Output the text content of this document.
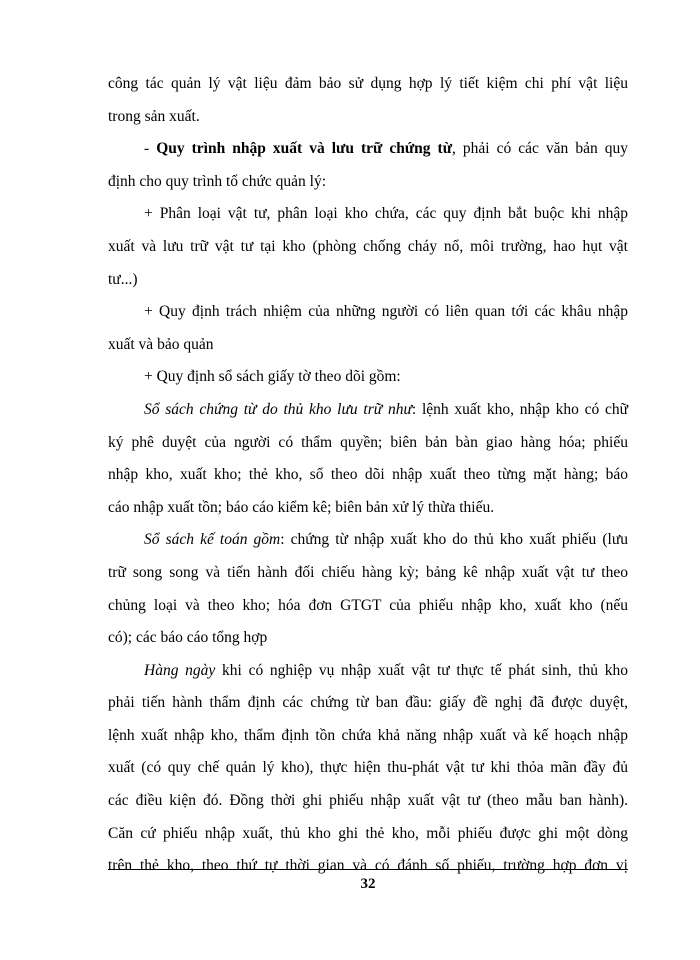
công tác quản lý vật liệu đảm bảo sử dụng hợp lý tiết kiệm chi phí vật liệu
trong sản xuất.
- Quy trình nhập xuất và lưu trữ chứng từ, phải có các văn bản quy
định cho quy trình tổ chức quản lý:
+ Phân loại vật tư, phân loại kho chứa, các quy định bắt buộc khi nhập
xuất và lưu trữ vật tư tại kho (phòng chống cháy nổ, môi trường, hao hụt vật
tư...)
+ Quy định trách nhiệm của những người có liên quan tới các khâu nhập
xuất và bảo quản
+ Quy định sổ sách giấy tờ theo dõi gồm:
Sổ sách chứng từ do thủ kho lưu trữ như: lệnh xuất kho, nhập kho có chữ
ký phê duyệt của người có thẩm quyền; biên bản bàn giao hàng hóa; phiếu
nhập kho, xuất kho; thẻ kho, sổ theo dõi nhập xuất theo từng mặt hàng; báo
cáo nhập xuất tồn; báo cáo kiểm kê; biên bản xử lý thừa thiếu.
Sổ sách kế toán gồm: chứng từ nhập xuất kho do thủ kho xuất phiếu (lưu
trữ song song và tiến hành đối chiếu hàng kỳ; bảng kê nhập xuất vật tư theo
chủng loại và theo kho; hóa đơn GTGT của phiếu nhập kho, xuất kho (nếu
có); các báo cáo tổng hợp
Hàng ngày khi có nghiệp vụ nhập xuất vật tư thực tế phát sinh, thủ kho
phải tiến hành thẩm định các chứng từ ban đầu: giấy đề nghị đã được duyệt,
lệnh xuất nhập kho, thẩm định tồn chứa khả năng nhập xuất và kế hoạch nhập
xuất (có quy chế quản lý kho), thực hiện thu-phát vật tư khi thỏa mãn đầy đủ
các điều kiện đó. Đồng thời ghi phiếu nhập xuất vật tư (theo mẫu ban hành).
Căn cứ phiếu nhập xuất, thủ kho ghi thẻ kho, mỗi phiếu được ghi một dòng
trên thẻ kho, theo thứ tự thời gian và có đánh số phiếu, trường hợp đơn vị
32
